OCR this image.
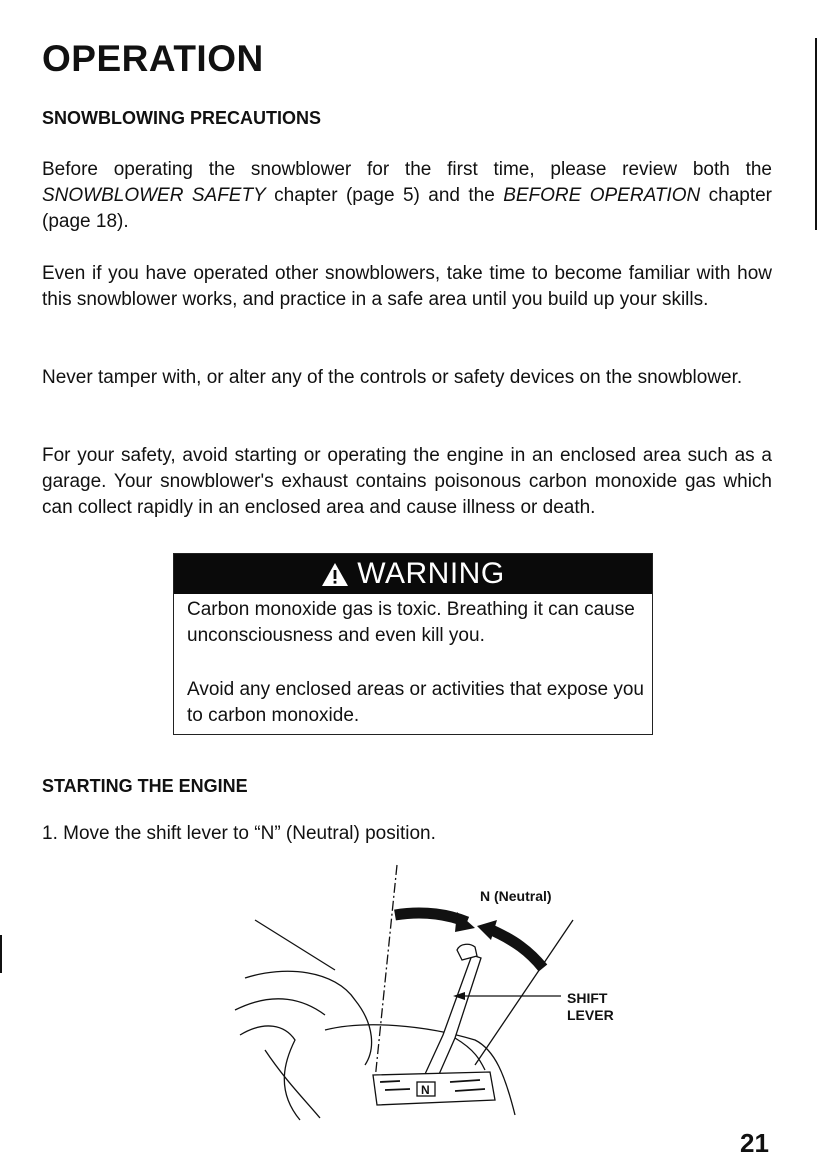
OPERATION
SNOWBLOWING PRECAUTIONS

Before operating the snowblower for the first time, please review both the SNOWBLOWER SAFETY chapter (page 5) and the BEFORE OPERATION chapter (page 18).

Even if you have operated other snowblowers, take time to become familiar with how this snowblower works, and practice in a safe area until you build up your skills.

Never tamper with, or alter any of the controls or safety devices on the snowblower.

For your safety, avoid starting or operating the engine in an enclosed area such as a garage. Your snowblower's exhaust contains poisonous carbon monoxide gas which can collect rapidly in an enclosed area and cause illness or death.

WARNING

Carbon monoxide gas is toxic. Breathing it can cause unconsciousness and even kill you.

Avoid any enclosed areas or activities that expose you to carbon monoxide.

STARTING THE ENGINE

1. Move the shift lever to “N” (Neutral) position.

N (Neutral)
SHIFT
LEVER
N
21
